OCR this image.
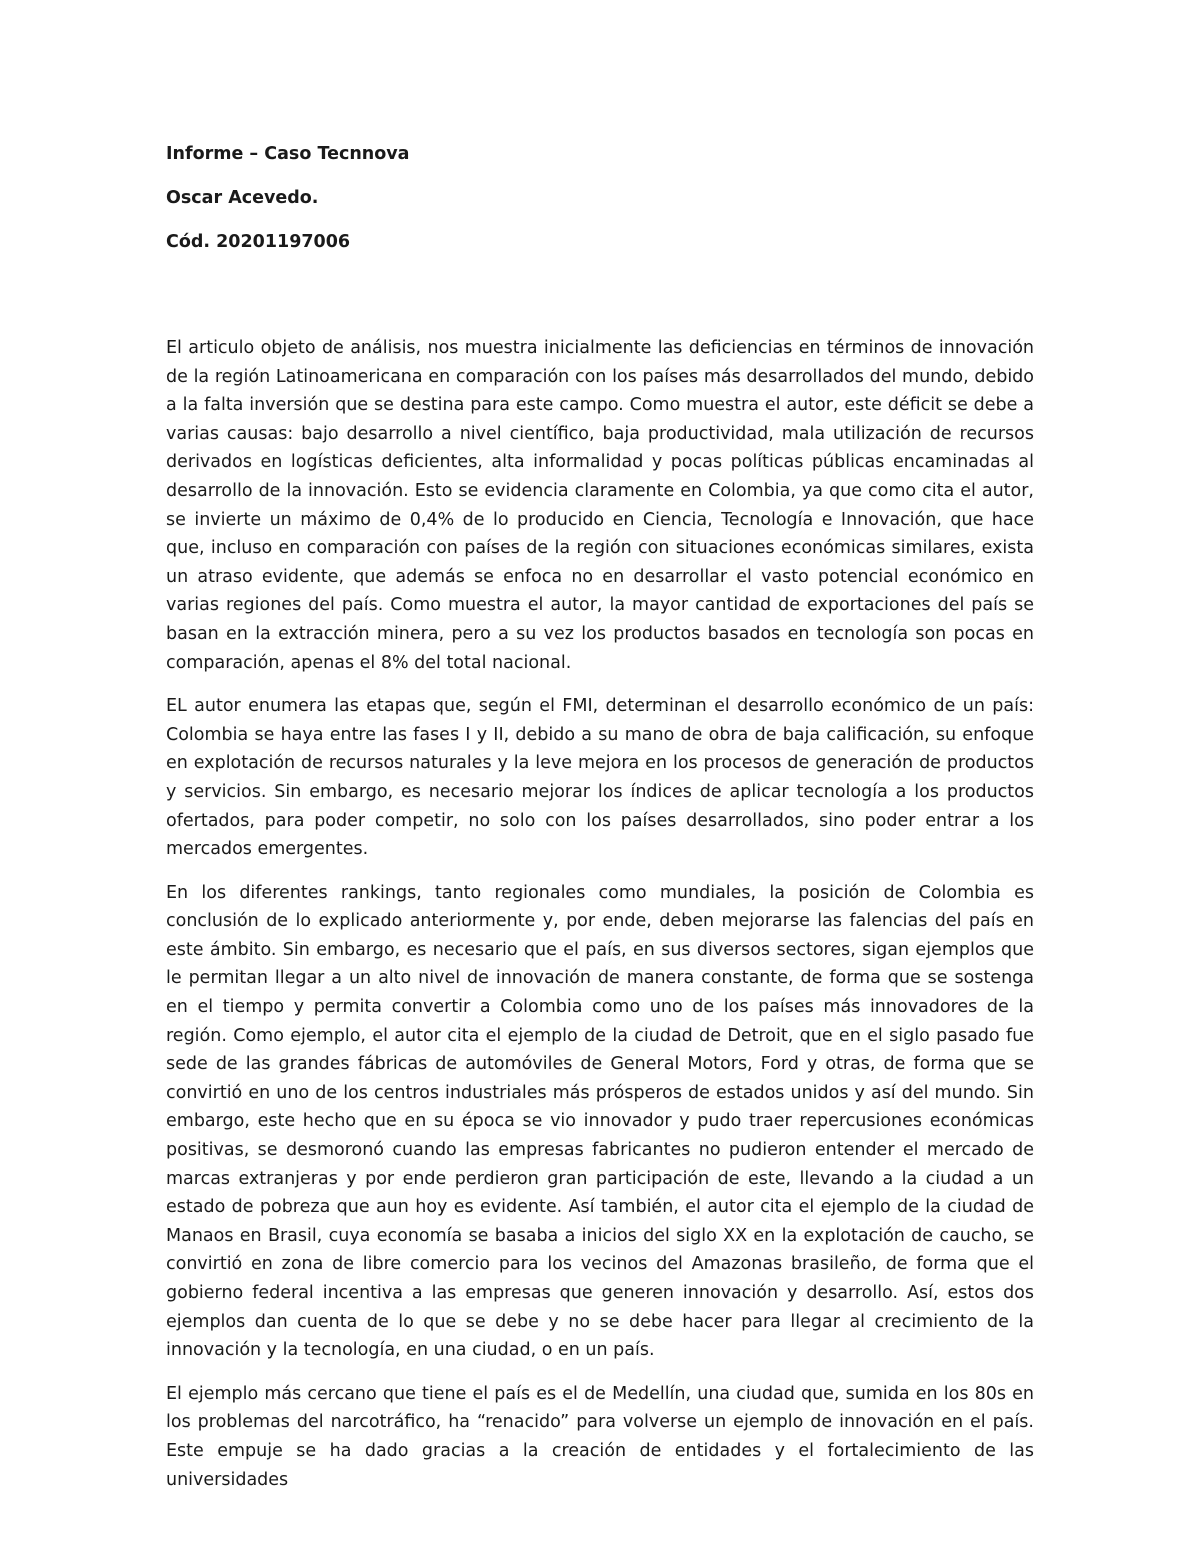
Informe – Caso Tecnnova

Oscar Acevedo.

Cód. 20201197006

El articulo objeto de análisis, nos muestra inicialmente las deficiencias en términos de innovación de la región Latinoamericana en comparación con los países más desarrollados del mundo, debido a la falta inversión que se destina para este campo. Como muestra el autor, este déficit se debe a varias causas: bajo desarrollo a nivel científico, baja productividad, mala utilización de recursos derivados en logísticas deficientes, alta informalidad y pocas políticas públicas encaminadas al desarrollo de la innovación. Esto se evidencia claramente en Colombia, ya que como cita el autor, se invierte un máximo de 0,4% de lo producido en Ciencia, Tecnología e Innovación, que hace que, incluso en comparación con países de la región con situaciones económicas similares, exista un atraso evidente, que además se enfoca no en desarrollar el vasto potencial económico en varias regiones del país. Como muestra el autor, la mayor cantidad de exportaciones del país se basan en la extracción minera, pero a su vez los productos basados en tecnología son pocas en comparación, apenas el 8% del total nacional.

EL autor enumera las etapas que, según el FMI, determinan el desarrollo económico de un país: Colombia se haya entre las fases I y II, debido a su mano de obra de baja calificación, su enfoque en explotación de recursos naturales y la leve mejora en los procesos de generación de productos y servicios. Sin embargo, es necesario mejorar los índices de aplicar tecnología a los productos ofertados, para poder competir, no solo con los países desarrollados, sino poder entrar a los mercados emergentes.

En los diferentes rankings, tanto regionales como mundiales, la posición de Colombia es conclusión de lo explicado anteriormente y, por ende, deben mejorarse las falencias del país en este ámbito. Sin embargo, es necesario que el país, en sus diversos sectores, sigan ejemplos que le permitan llegar a un alto nivel de innovación de manera constante, de forma que se sostenga en el tiempo y permita convertir a Colombia como uno de los países más innovadores de la región. Como ejemplo, el autor cita el ejemplo de la ciudad de Detroit, que en el siglo pasado fue sede de las grandes fábricas de automóviles de General Motors, Ford y otras, de forma que se convirtió en uno de los centros industriales más prósperos de estados unidos y así del mundo. Sin embargo, este hecho que en su época se vio innovador y pudo traer repercusiones económicas positivas, se desmoronó cuando las empresas fabricantes no pudieron entender el mercado de marcas extranjeras y por ende perdieron gran participación de este, llevando a la ciudad a un estado de pobreza que aun hoy es evidente. Así también, el autor cita el ejemplo de la ciudad de Manaos en Brasil, cuya economía se basaba a inicios del siglo XX en la explotación de caucho, se convirtió en zona de libre comercio para los vecinos del Amazonas brasileño, de forma que el gobierno federal incentiva a las empresas que generen innovación y desarrollo. Así, estos dos ejemplos dan cuenta de lo que se debe y no se debe hacer para llegar al crecimiento de la innovación y la tecnología, en una ciudad, o en un país.

El ejemplo más cercano que tiene el país es el de Medellín, una ciudad que, sumida en los 80s en los problemas del narcotráfico, ha “renacido” para volverse un ejemplo de innovación en el país. Este empuje se ha dado gracias a la creación de entidades y el fortalecimiento de las universidades
